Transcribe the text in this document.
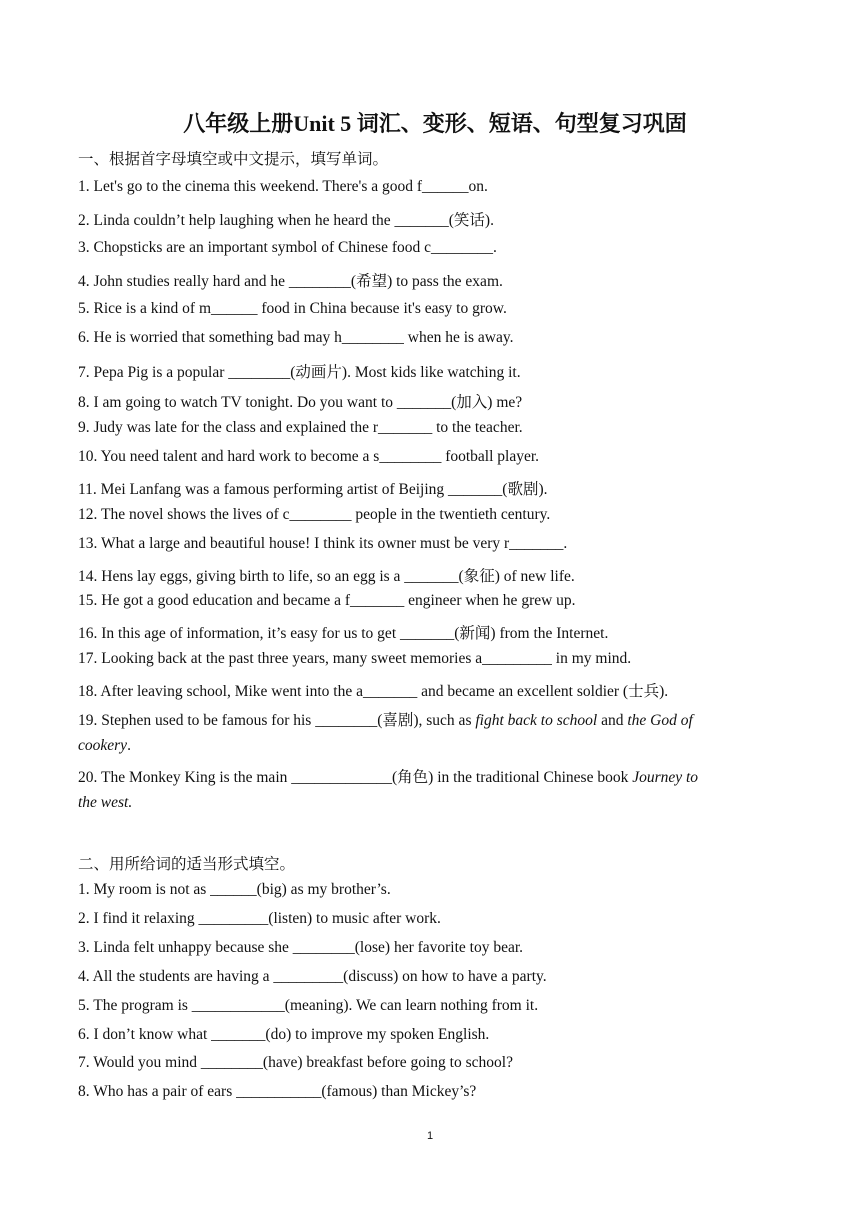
八年级上册Unit 5 词汇、变形、短语、句型复习巩固
一、根据首字母填空或中文提示，填写单词。
1. Let's go to the cinema this weekend. There's a good f______on.
2. Linda couldn’t help laughing when he heard the _______(笑话).
3. Chopsticks are an important symbol of Chinese food c________.
4. John studies really hard and he ________(希望) to pass the exam.
5. Rice is a kind of m______ food in China because it's easy to grow.
6. He is worried that something bad may h________ when he is away.
7. Pepa Pig is a popular ________(动画片). Most kids like watching it.
8. I am going to watch TV tonight. Do you want to _______(加入) me?
9. Judy was late for the class and explained the r_______ to the teacher.
10. You need talent and hard work to become a s________ football player.
11. Mei Lanfang was a famous performing artist of Beijing _______(歌剧).
12. The novel shows the lives of c________ people in the twentieth century.
13. What a large and beautiful house! I think its owner must be very r_______.
14. Hens lay eggs, giving birth to life, so an egg is a _______(象征) of new life.
15. He got a good education and became a f_______ engineer when he grew up.
16. In this age of information, it’s easy for us to get _______(新闻) from the Internet.
17. Looking back at the past three years, many sweet memories a_________ in my mind.
18. After leaving school, Mike went into the a_______ and became an excellent soldier (士兵).
19. Stephen used to be famous for his ________(喜剧), such as fight back to school and the God of
cookery.
20. The Monkey King is the main _____________(角色) in the traditional Chinese book Journey to
the west.
二、用所给词的适当形式填空。
1. My room is not as ______(big) as my brother’s.
2. I find it relaxing _________(listen) to music after work.
3. Linda felt unhappy because she ________(lose) her favorite toy bear.
4. All the students are having a _________(discuss) on how to have a party.
5. The program is ____________(meaning). We can learn nothing from it.
6. I don’t know what _______(do) to improve my spoken English.
7. Would you mind ________(have) breakfast before going to school?
8. Who has a pair of ears ___________(famous) than Mickey’s?
1
